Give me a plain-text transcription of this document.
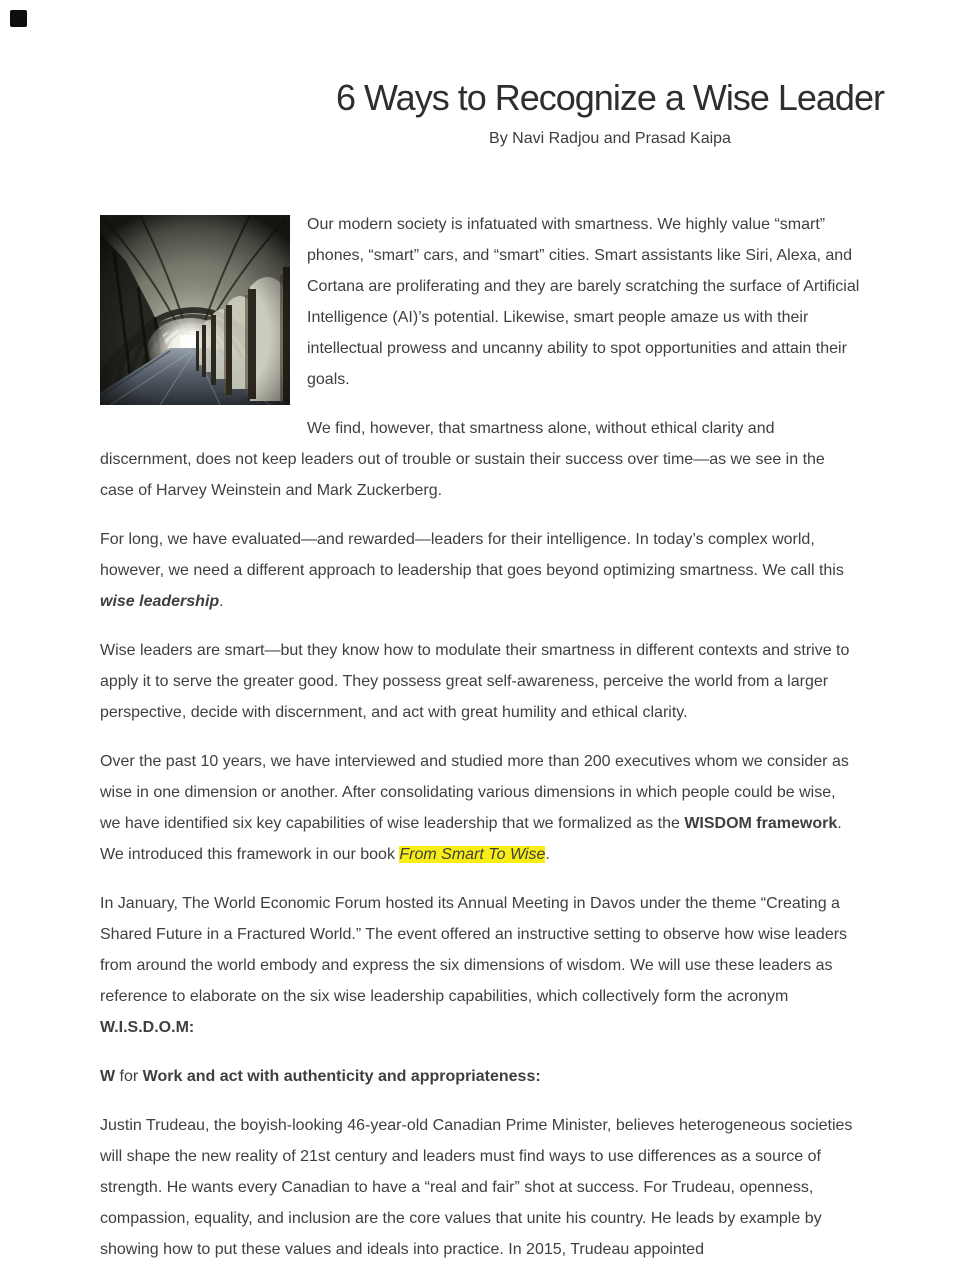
6 Ways to Recognize a Wise Leader
By Navi Radjou and Prasad Kaipa

Our modern society is infatuated with smartness. We highly value “smart” phones, “smart” cars, and “smart” cities. Smart assistants like Siri, Alexa, and Cortana are proliferating and they are barely scratching the surface of Artificial Intelligence (AI)’s potential. Likewise, smart people amaze us with their intellectual prowess and uncanny ability to spot opportunities and attain their goals.

We find, however, that smartness alone, without ethical clarity and discernment, does not keep leaders out of trouble or sustain their success over time—as we see in the case of Harvey Weinstein and Mark Zuckerberg.

For long, we have evaluated—and rewarded—leaders for their intelligence. In today’s complex world, however, we need a different approach to leadership that goes beyond optimizing smartness. We call this wise leadership.

Wise leaders are smart—but they know how to modulate their smartness in different contexts and strive to apply it to serve the greater good. They possess great self-awareness, perceive the world from a larger perspective, decide with discernment, and act with great humility and ethical clarity.

Over the past 10 years, we have interviewed and studied more than 200 executives whom we consider as wise in one dimension or another. After consolidating various dimensions in which people could be wise, we have identified six key capabilities of wise leadership that we formalized as the WISDOM framework. We introduced this framework in our book From Smart To Wise.

In January, The World Economic Forum hosted its Annual Meeting in Davos under the theme “Creating a Shared Future in a Fractured World.” The event offered an instructive setting to observe how wise leaders from around the world embody and express the six dimensions of wisdom. We will use these leaders as reference to elaborate on the six wise leadership capabilities, which collectively form the acronym W.I.S.D.O.M:

W for Work and act with authenticity and appropriateness:

Justin Trudeau, the boyish-looking 46-year-old Canadian Prime Minister, believes heterogeneous societies will shape the new reality of 21st century and leaders must find ways to use differences as a source of strength. He wants every Canadian to have a “real and fair” shot at success. For Trudeau, openness, compassion, equality, and inclusion are the core values that unite his country. He leads by example by showing how to put these values and ideals into practice. In 2015, Trudeau appointed
